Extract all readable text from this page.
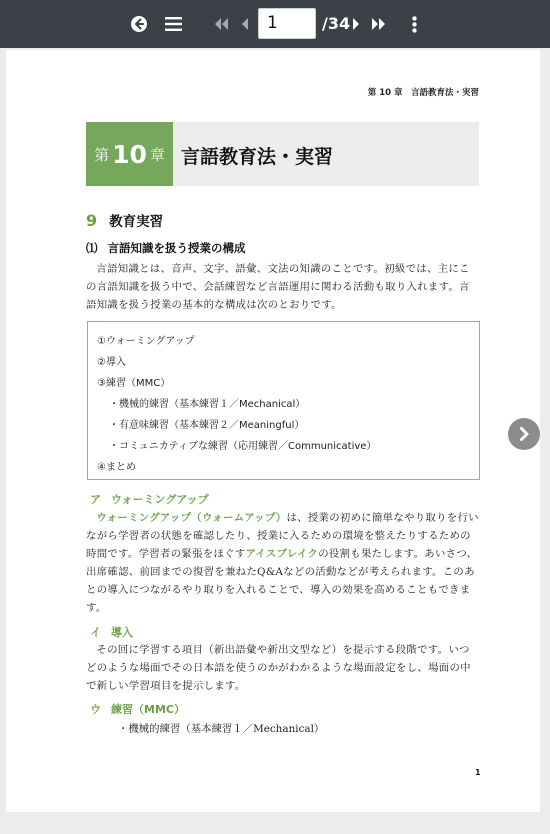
1	/34
第 10 章　言語教育法・実習
第 10 章 言語教育法・実習
9 教育実習
⑴ 言語知識を扱う授業の構成
言語知識とは、音声、文字、語彙、文法の知識のことです。初級では、主にこの言語知識を扱う中で、会話練習など言語運用に関わる活動も取り入れます。言語知識を扱う授業の基本的な構成は次のとおりです。
①ウォーミングアップ
②導入
③練習（MMC）
・機械的練習（基本練習１／Mechanical）
・有意味練習（基本練習２／Meaningful）
・コミュニカティブな練習（応用練習／Communicative）
④まとめ
ア ウォーミングアップ
ウォーミングアップ（ウォームアップ）は、授業の初めに簡単なやり取りを行いながら学習者の状態を確認したり、授業に入るための環境を整えたりするための時間です。学習者の緊張をほぐすアイスブレイクの役割も果たします。あいさつ、出席確認、前回までの復習を兼ねたQ&Aなどの活動などが考えられます。このあとの導入につながるやり取りを入れることで、導入の効果を高めることもできます。
イ 導入
その回に学習する項目（新出語彙や新出文型など）を提示する段階です。いつどのような場面でその日本語を使うのかがわかるような場面設定をし、場面の中で新しい学習項目を提示します。
ウ 練習（MMC）
・機械的練習（基本練習１／Mechanical）
1
